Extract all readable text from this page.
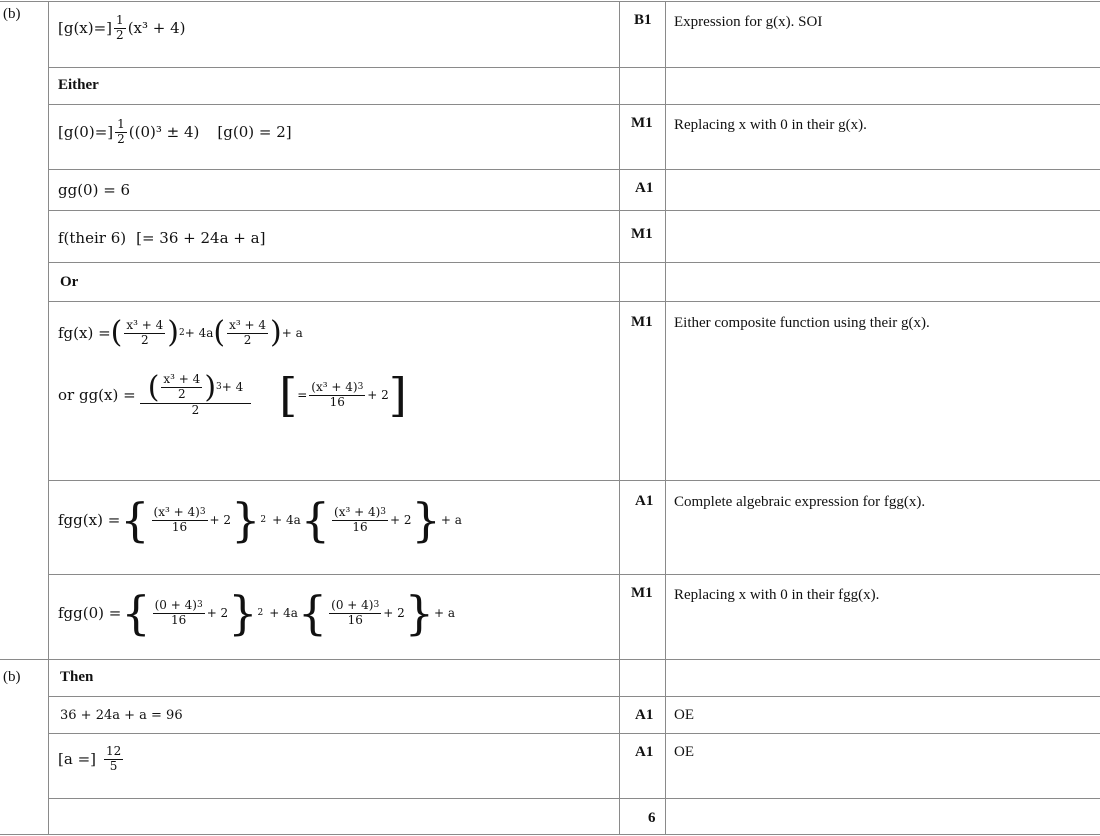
(b)
(b)
Either
Or
Then
B1
M1
A1
M1
M1
A1
M1
A1
A1
6
Expression for g(x). SOI
Replacing x with 0 in their g(x).
Either composite function using their g(x).
Complete algebraic expression for fgg(x).
Replacing x with 0 in their fgg(x).
OE
OE
$[g(x)=] \frac{1}{2} (x^3 + 4)$
$[g(0)=] \frac{1}{2} ((0)^3 \pm 4) [g(0) = 2]$
gg(0) = 6
f(their 6) [= 36 + 24a + a]
fg(x) = ( $\frac{\text{x³ + 4}}{2}$ ) 2 + 4a ( $\frac{\text{x³ + 4}}{2}$ ) + a
or gg(x) = ( $\frac{\text{x³ + 4}}{2}$ ) 3 + 4
2 [ = $\frac{\text{(x³ + 4) 3}}{16} + 2$ ]
fgg(x) = { $\frac{\text{(x³ + 4) 3}}{16} + 2$ } 2 + 4a { $\frac{\text{(x³ + 4) 3}}{16} + 2$ } + a
fgg(0) = { $\frac{(0 + 4) 3}{16} + 2$ } 2 + 4a { $\frac{(0 + 4) 3}{16} + 2$ } + a
36 + 24a + a = 96
[a =] $\frac{12}{5}$
